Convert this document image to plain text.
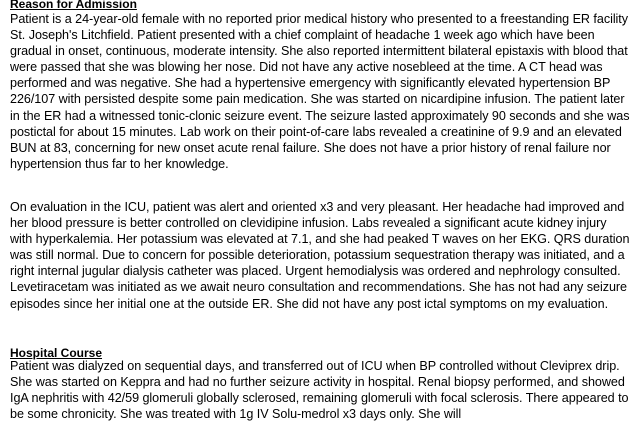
Reason for Admission

Patient is a 24-year-old female with no reported prior medical history who presented to a freestanding ER facility St. Joseph's Litchfield. Patient presented with a chief complaint of headache 1 week ago which have been gradual in onset, continuous, moderate intensity. She also reported intermittent bilateral epistaxis with blood that were passed that she was blowing her nose. Did not have any active nosebleed at the time. A CT head was performed and was negative. She had a hypertensive emergency with significantly elevated hypertension BP 226/107 with persisted despite some pain medication. She was started on nicardipine infusion. The patient later in the ER had a witnessed tonic-clonic seizure event. The seizure lasted approximately 90 seconds and she was postictal for about 15 minutes. Lab work on their point-of-care labs revealed a creatinine of 9.9 and an elevated BUN at 83, concerning for new onset acute renal failure. She does not have a prior history of renal failure nor hypertension thus far to her knowledge.

On evaluation in the ICU, patient was alert and oriented x3 and very pleasant. Her headache had improved and her blood pressure is better controlled on clevidipine infusion. Labs revealed a significant acute kidney injury with hyperkalemia. Her potassium was elevated at 7.1, and she had peaked T waves on her EKG. QRS duration was still normal. Due to concern for possible deterioration, potassium sequestration therapy was initiated, and a right internal jugular dialysis catheter was placed. Urgent hemodialysis was ordered and nephrology consulted. Levetiracetam was initiated as we await neuro consultation and recommendations. She has not had any seizure episodes since her initial one at the outside ER. She did not have any post ictal symptoms on my evaluation.

Hospital Course

Patient was dialyzed on sequential days, and transferred out of ICU when BP controlled without Cleviprex drip. She was started on Keppra and had no further seizure activity in hospital. Renal biopsy performed, and showed IgA nephritis with 42/59 glomeruli globally sclerosed, remaining glomeruli with focal sclerosis. There appeared to be some chronicity. She was treated with 1g IV Solu-medrol x3 days only. She will
